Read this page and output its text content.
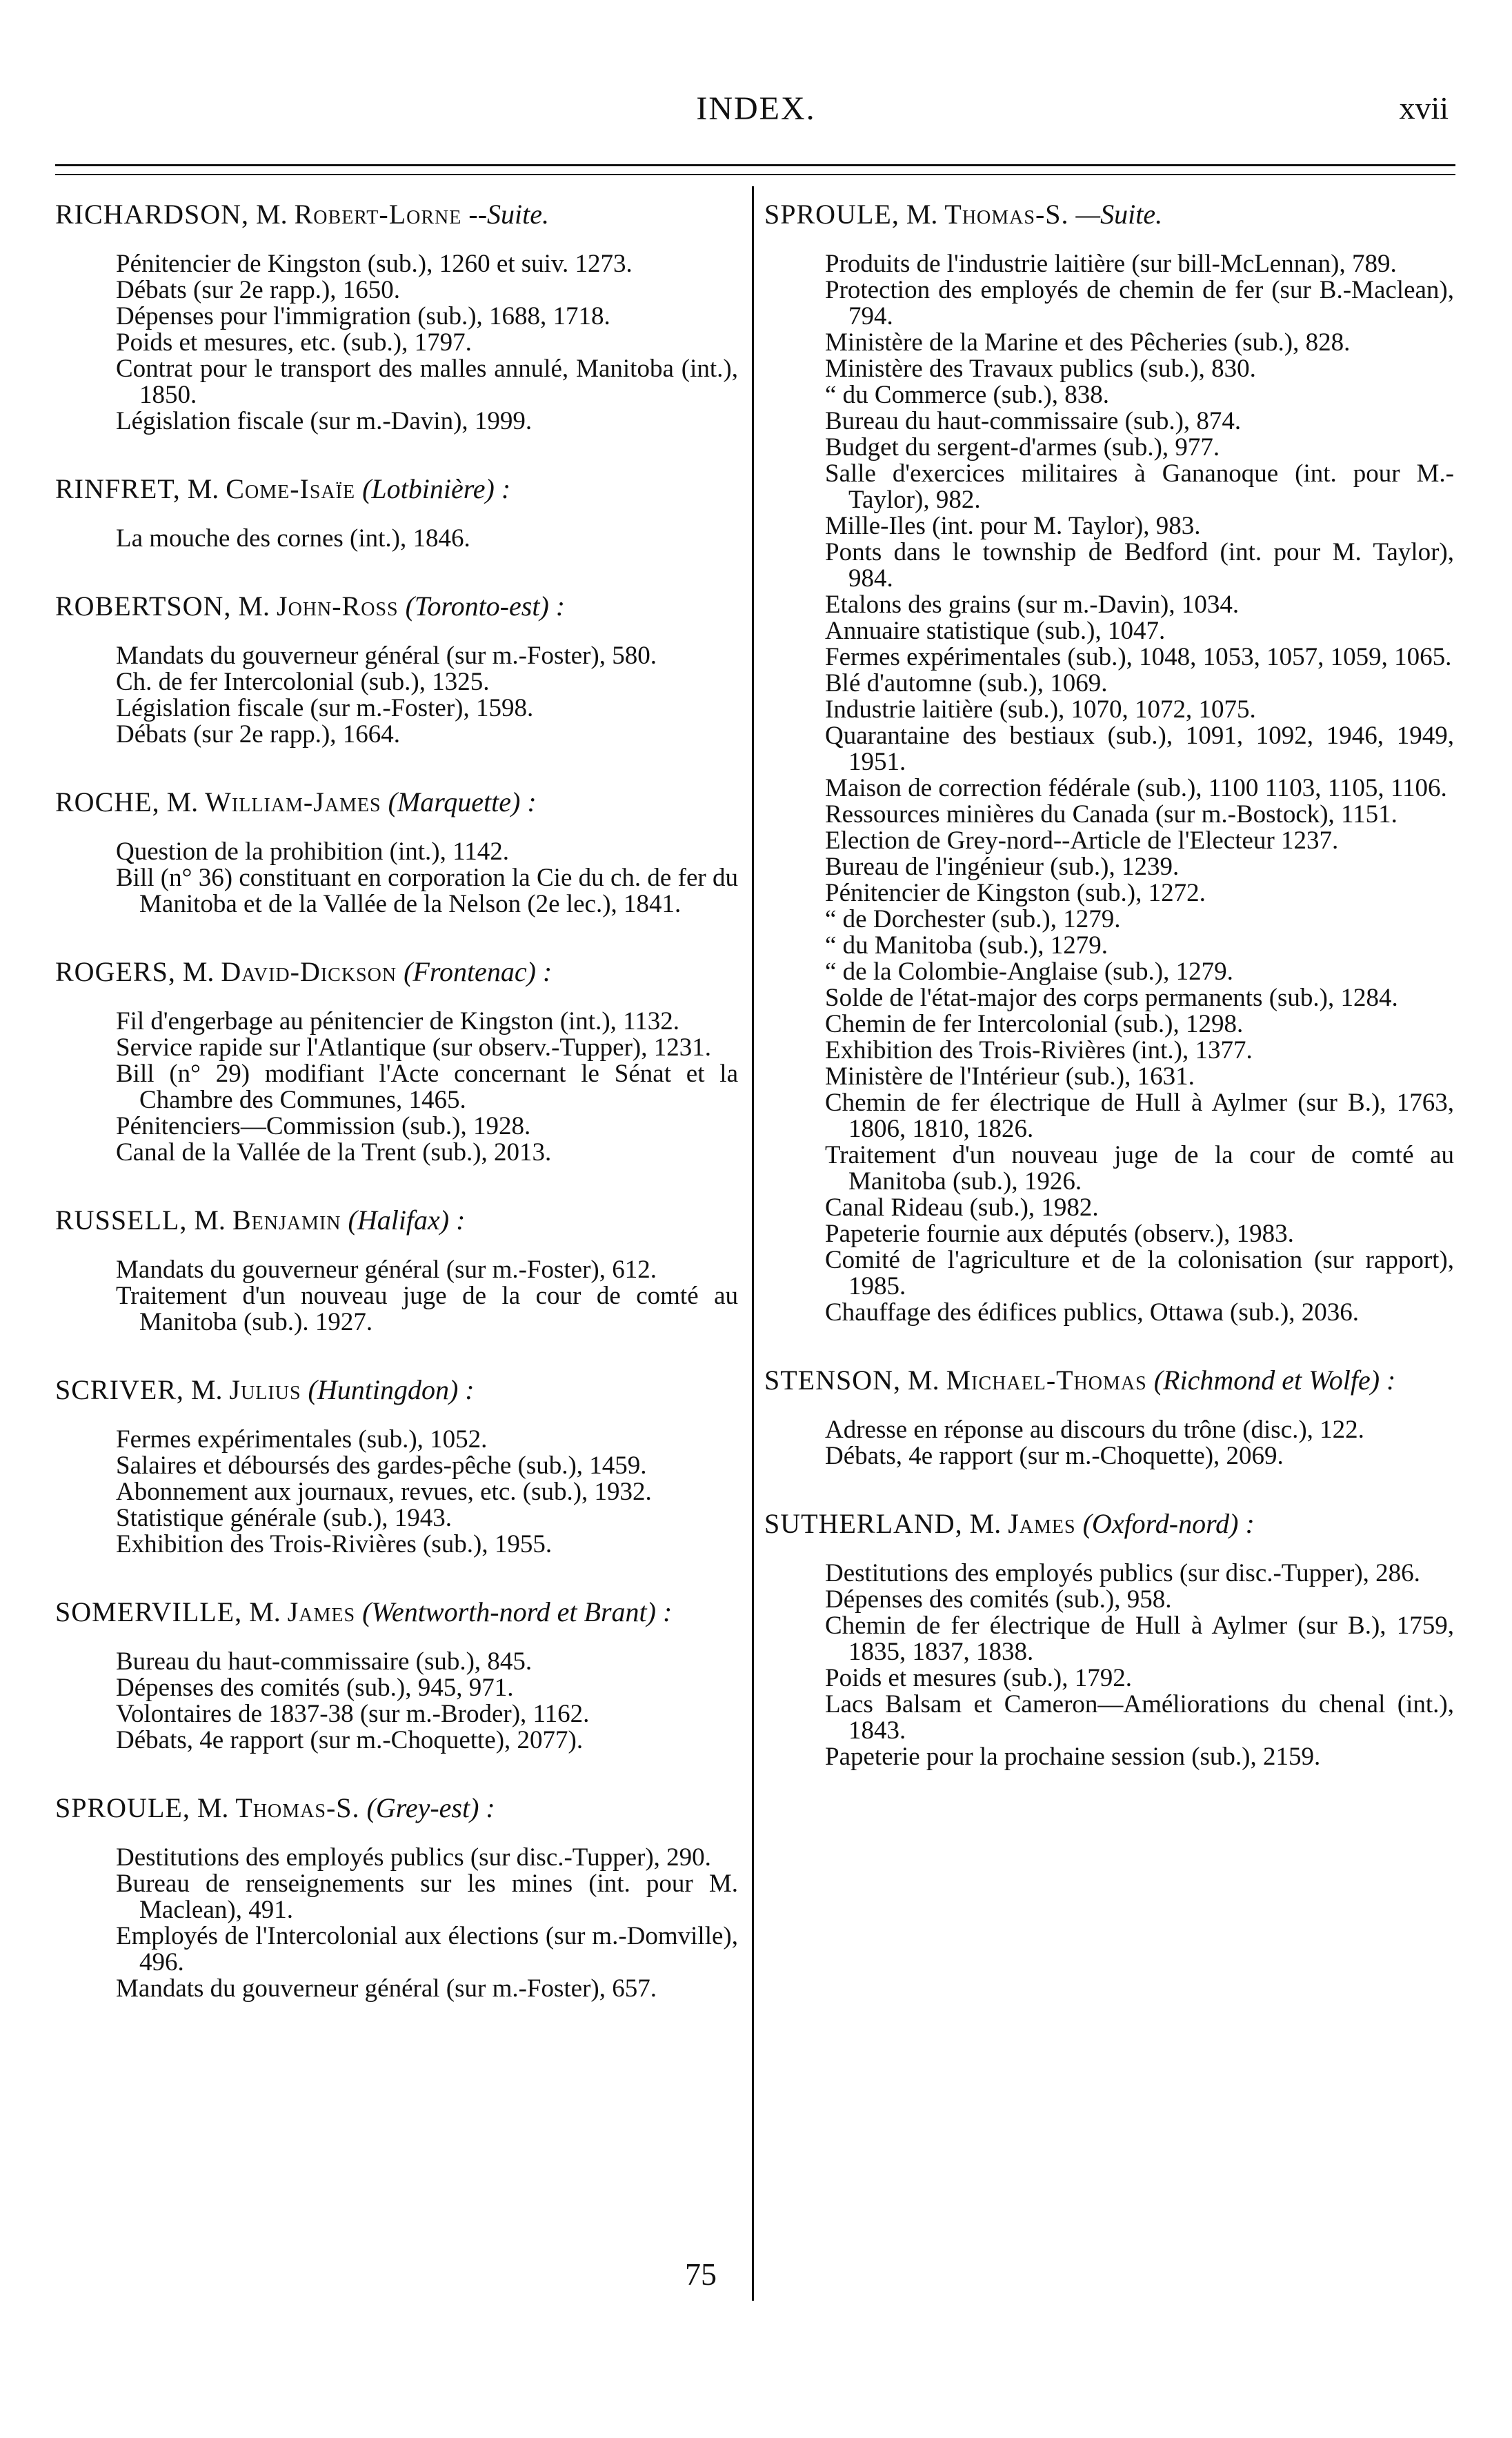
INDEX.	xvii
RICHARDSON, M. Robert-Lorne --Suite.
Pénitencier de Kingston (sub.), 1260 et suiv. 1273.
Débats (sur 2e rapp.), 1650.
Dépenses pour l'immigration (sub.), 1688, 1718.
Poids et mesures, etc. (sub.), 1797.
Contrat pour le transport des malles annulé, Manitoba (int.), 1850.
Législation fiscale (sur m.-Davin), 1999.
RINFRET, M. Come-Isaïe (Lotbinière) :
La mouche des cornes (int.), 1846.
ROBERTSON, M. John-Ross (Toronto-est) :
Mandats du gouverneur général (sur m.-Foster), 580.
Ch. de fer Intercolonial (sub.), 1325.
Législation fiscale (sur m.-Foster), 1598.
Débats (sur 2e rapp.), 1664.
ROCHE, M. William-James (Marquette) :
Question de la prohibition (int.), 1142.
Bill (n° 36) constituant en corporation la Cie du ch. de fer du Manitoba et de la Vallée de la Nelson (2e lec.), 1841.
ROGERS, M. David-Dickson (Frontenac) :
Fil d'engerbage au pénitencier de Kingston (int.), 1132.
Service rapide sur l'Atlantique (sur observ.-Tupper), 1231.
Bill (n° 29) modifiant l'Acte concernant le Sénat et la Chambre des Communes, 1465.
Pénitenciers—Commission (sub.), 1928.
Canal de la Vallée de la Trent (sub.), 2013.
RUSSELL, M. Benjamin (Halifax) :
Mandats du gouverneur général (sur m.-Foster), 612.
Traitement d'un nouveau juge de la cour de comté au Manitoba (sub.). 1927.
SCRIVER, M. Julius (Huntingdon) :
Fermes expérimentales (sub.), 1052.
Salaires et déboursés des gardes-pêche (sub.), 1459.
Abonnement aux journaux, revues, etc. (sub.), 1932.
Statistique générale (sub.), 1943.
Exhibition des Trois-Rivières (sub.), 1955.
SOMERVILLE, M. James (Wentworth-nord et Brant) :
Bureau du haut-commissaire (sub.), 845.
Dépenses des comités (sub.), 945, 971.
Volontaires de 1837-38 (sur m.-Broder), 1162.
Débats, 4e rapport (sur m.-Choquette), 2077).
SPROULE, M. Thomas-S. (Grey-est) :
Destitutions des employés publics (sur disc.-Tupper), 290.
Bureau de renseignements sur les mines (int. pour M. Maclean), 491.
Employés de l'Intercolonial aux élections (sur m.-Domville), 496.
Mandats du gouverneur général (sur m.-Foster), 657.
SPROULE, M. Thomas-S. —Suite.
Produits de l'industrie laitière (sur bill-McLennan), 789.
Protection des employés de chemin de fer (sur B.-Maclean), 794.
Ministère de la Marine et des Pêcheries (sub.), 828.
Ministère des Travaux publics (sub.), 830.
“ du Commerce (sub.), 838.
Bureau du haut-commissaire (sub.), 874.
Budget du sergent-d'armes (sub.), 977.
Salle d'exercices militaires à Gananoque (int. pour M.-Taylor), 982.
Mille-Iles (int. pour M. Taylor), 983.
Ponts dans le township de Bedford (int. pour M. Taylor), 984.
Etalons des grains (sur m.-Davin), 1034.
Annuaire statistique (sub.), 1047.
Fermes expérimentales (sub.), 1048, 1053, 1057, 1059, 1065.
Blé d'automne (sub.), 1069.
Industrie laitière (sub.), 1070, 1072, 1075.
Quarantaine des bestiaux (sub.), 1091, 1092, 1946, 1949, 1951.
Maison de correction fédérale (sub.), 1100 1103, 1105, 1106.
Ressources minières du Canada (sur m.-Bostock), 1151.
Election de Grey-nord--Article de l'Electeur 1237.
Bureau de l'ingénieur (sub.), 1239.
Pénitencier de Kingston (sub.), 1272.
“ de Dorchester (sub.), 1279.
“ du Manitoba (sub.), 1279.
“ de la Colombie-Anglaise (sub.), 1279.
Solde de l'état-major des corps permanents (sub.), 1284.
Chemin de fer Intercolonial (sub.), 1298.
Exhibition des Trois-Rivières (int.), 1377.
Ministère de l'Intérieur (sub.), 1631.
Chemin de fer électrique de Hull à Aylmer (sur B.), 1763, 1806, 1810, 1826.
Traitement d'un nouveau juge de la cour de comté au Manitoba (sub.), 1926.
Canal Rideau (sub.), 1982.
Papeterie fournie aux députés (observ.), 1983.
Comité de l'agriculture et de la colonisation (sur rapport), 1985.
Chauffage des édifices publics, Ottawa (sub.), 2036.
STENSON, M. Michael-Thomas (Richmond et Wolfe) :
Adresse en réponse au discours du trône (disc.), 122.
Débats, 4e rapport (sur m.-Choquette), 2069.
SUTHERLAND, M. James (Oxford-nord) :
Destitutions des employés publics (sur disc.-Tupper), 286.
Dépenses des comités (sub.), 958.
Chemin de fer électrique de Hull à Aylmer (sur B.), 1759, 1835, 1837, 1838.
Poids et mesures (sub.), 1792.
Lacs Balsam et Cameron—Améliorations du chenal (int.), 1843.
Papeterie pour la prochaine session (sub.), 2159.
75
